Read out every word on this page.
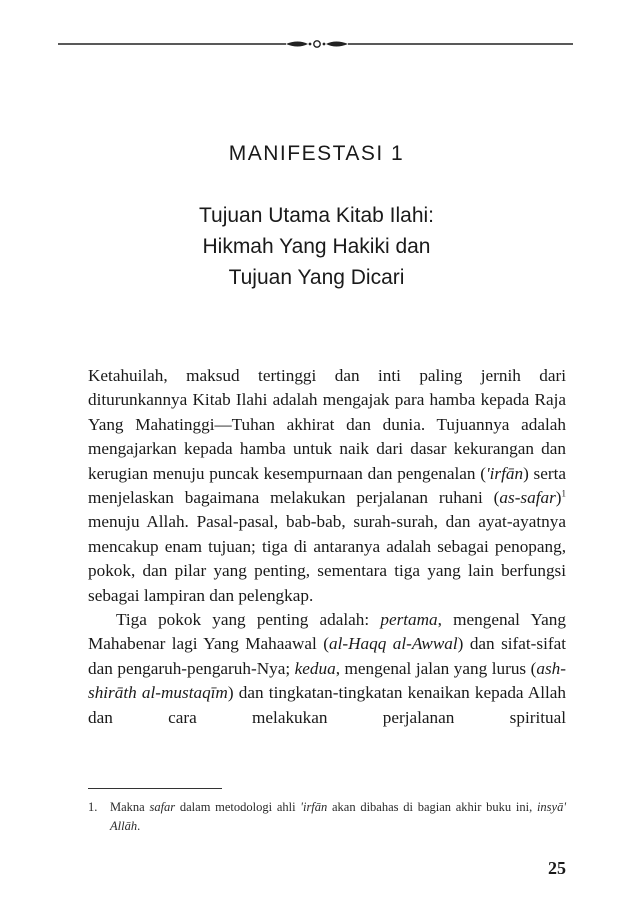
MANIFESTASI 1
Tujuan Utama Kitab Ilahi:
Hikmah Yang Hakiki dan
Tujuan Yang Dicari

Ketahuilah, maksud tertinggi dan inti paling jernih dari diturunkannya Kitab Ilahi adalah mengajak para hamba kepada Raja Yang Mahatinggi—Tuhan akhirat dan dunia. Tujuannya adalah mengajarkan kepada hamba untuk naik dari dasar kekurangan dan kerugian menuju puncak kesempurnaan dan pengenalan ('irfān) serta menjelaskan bagaimana melakukan perjalanan ruhani (as-safar)$^1$ menuju Allah. Pasal-pasal, bab-bab, surah-surah, dan ayat-ayatnya mencakup enam tujuan; tiga di antaranya adalah sebagai penopang, pokok, dan pilar yang penting, sementara tiga yang lain berfungsi sebagai lampiran dan pelengkap.

Tiga pokok yang penting adalah: pertama, mengenal Yang Mahabenar lagi Yang Mahaawal (al-Haqq al-Awwal) dan sifat-sifat dan pengaruh-pengaruh-Nya; kedua, mengenal jalan yang lurus (ash-shirāth al-mustaqīm) dan tingkatan-tingkatan kenaikan kepada Allah dan cara melakukan perjalanan spiritual

1.	Makna safar dalam metodologi ahli 'irfān akan dibahas di bagian akhir buku ini, insyā' Allāh.
25
